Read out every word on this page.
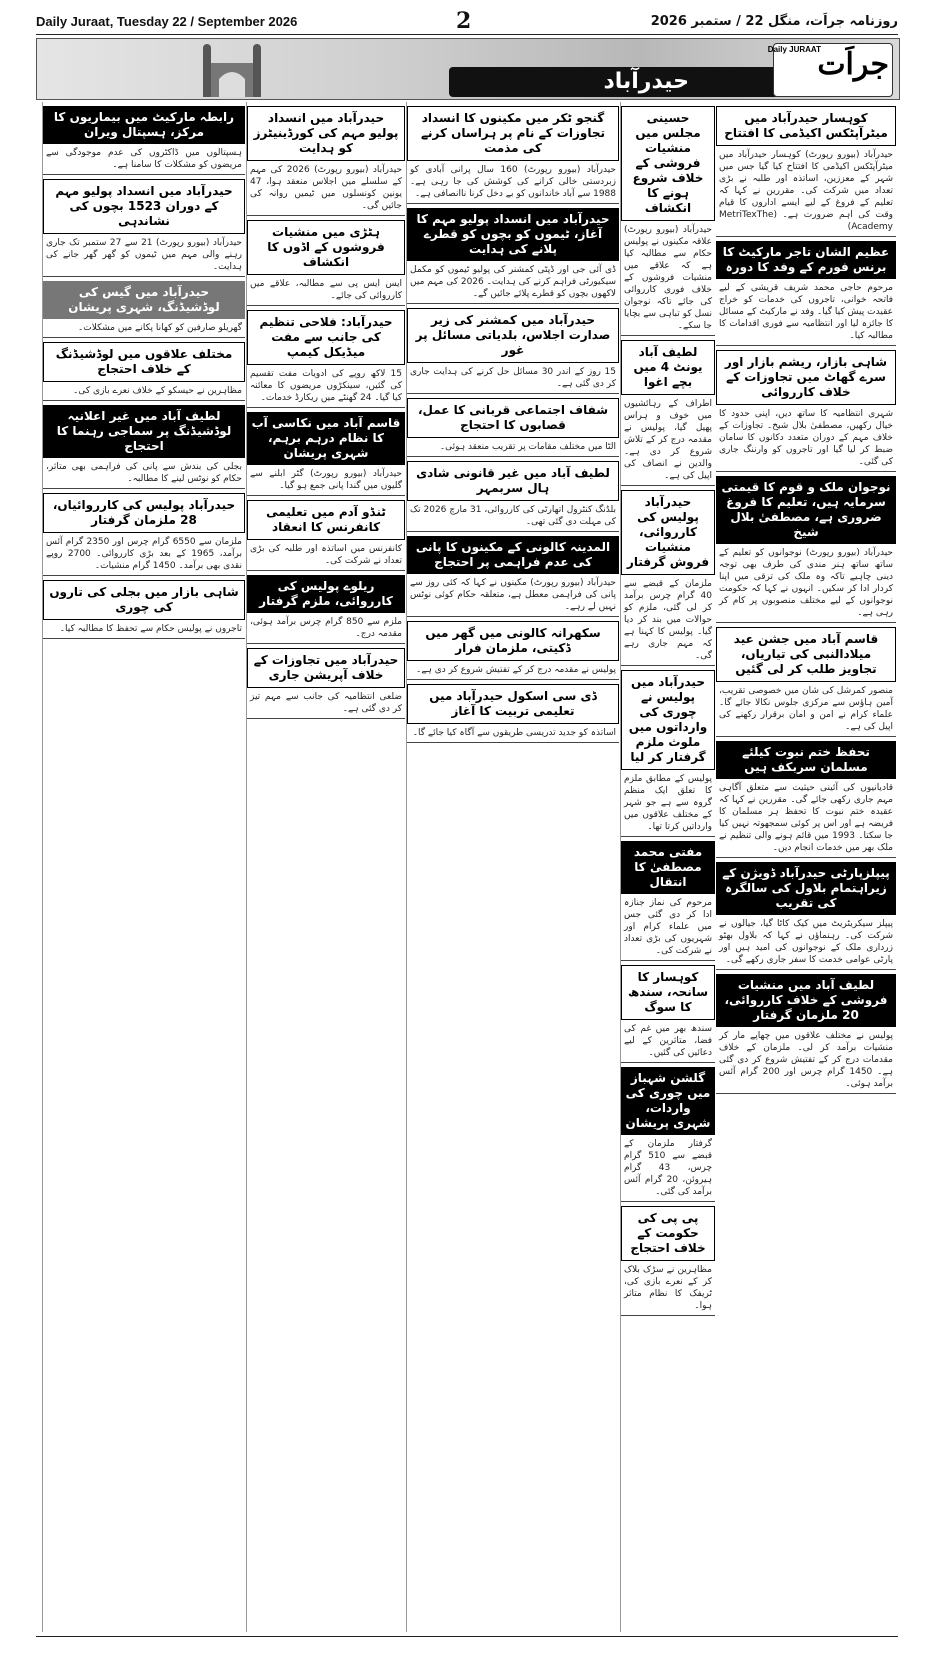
Daily Juraat, Tuesday 22 / September 2026	2	روزنامہ جراَت، منگل 22 / ستمبر 2026
حیدرآباد	جراَت
Daily JURAAT
کوہسار حیدرآباد میں میٹرآپٹکس اکیڈمی کا افتتاح
حیدرآباد (بیورو رپورٹ) کوہسار حیدرآباد میں میٹرآپٹکس اکیڈمی کا افتتاح کیا گیا جس میں شہر کے معززین، اساتذہ اور طلبہ نے بڑی تعداد میں شرکت کی۔ مقررین نے کہا کہ تعلیم کے فروغ کے لیے ایسے اداروں کا قیام وقت کی اہم ضرورت ہے۔ MetriTexThe) Academy)
عظیم الشان تاجر مارکیٹ کا برنس فورم کے وفد کا دورہ
مرحوم حاجی محمد شریف قریشی کے لیے فاتحہ خوانی، تاجروں کی خدمات کو خراج عقیدت پیش کیا گیا۔ وفد نے مارکیٹ کے مسائل کا جائزہ لیا اور انتظامیہ سے فوری اقدامات کا مطالبہ کیا۔
شاہی بازار، ریشم بازار اور سرے گھاٹ میں تجاوزات کے خلاف کارروائی
شہری انتظامیہ کا ساتھ دیں، اپنی حدود کا خیال رکھیں، مصطفیٰ بلال شیخ۔ تجاوزات کے خلاف مہم کے دوران متعدد دکانوں کا سامان ضبط کر لیا گیا اور تاجروں کو وارننگ جاری کی گئی۔
نوجوان ملک و قوم کا قیمتی سرمایہ ہیں، تعلیم کا فروغ ضروری ہے، مصطفیٰ بلال شیخ
حیدرآباد (بیورو رپورٹ) نوجوانوں کو تعلیم کے ساتھ ساتھ ہنر مندی کی طرف بھی توجہ دینی چاہیے تاکہ وہ ملک کی ترقی میں اپنا کردار ادا کر سکیں۔ انہوں نے کہا کہ حکومت نوجوانوں کے لیے مختلف منصوبوں پر کام کر رہی ہے۔
قاسم آباد میں جشن عید میلادالنبی کی تیاریاں، تجاویز طلب کر لی گئیں
منصور کمرشل کی شان میں خصوصی تقریب، آمین ہاؤس سے مرکزی جلوس نکالا جائے گا۔ علماء کرام نے امن و امان برقرار رکھنے کی اپیل کی ہے۔
تحفظ ختم نبوت کیلئے مسلمان سربکف ہیں
قادیانیوں کی آئینی حیثیت سے متعلق آگاہی مہم جاری رکھی جائے گی۔ مقررین نے کہا کہ عقیدہ ختم نبوت کا تحفظ ہر مسلمان کا فریضہ ہے اور اس پر کوئی سمجھوتہ نہیں کیا جا سکتا۔ 1993 میں قائم ہونے والی تنظیم نے ملک بھر میں خدمات انجام دیں۔
پیپلزپارٹی حیدرآباد ڈویژن کے زیراہتمام بلاول کی سالگرہ کی تقریب
پیپلز سیکریٹریٹ میں کیک کاٹا گیا، جیالوں نے شرکت کی۔ رہنماؤں نے کہا کہ بلاول بھٹو زرداری ملک کے نوجوانوں کی امید ہیں اور پارٹی عوامی خدمت کا سفر جاری رکھے گی۔
لطیف آباد میں منشیات فروشی کے خلاف کارروائی، 20 ملزمان گرفتار
پولیس نے مختلف علاقوں میں چھاپے مار کر منشیات برآمد کر لی۔ ملزمان کے خلاف مقدمات درج کر کے تفتیش شروع کر دی گئی ہے۔ 1450 گرام چرس اور 200 گرام آئس برآمد ہوئی۔
حسینی مجلس میں منشیات فروشی کے خلاف شروع ہونے کا انکشاف
حیدرآباد (بیورو رپورٹ) علاقہ مکینوں نے پولیس حکام سے مطالبہ کیا ہے کہ علاقے میں منشیات فروشوں کے خلاف فوری کارروائی کی جائے تاکہ نوجوان نسل کو تباہی سے بچایا جا سکے۔
لطیف آباد یونٹ 4 میں بچے اغوا
اطراف کے رہائشیوں میں خوف و ہراس پھیل گیا، پولیس نے مقدمہ درج کر کے تلاش شروع کر دی ہے۔ والدین نے انصاف کی اپیل کی ہے۔
حیدرآباد پولیس کی کارروائی، منشیات فروش گرفتار
ملزمان کے قبضے سے 40 گرام چرس برآمد کر لی گئی، ملزم کو حوالات میں بند کر دیا گیا۔ پولیس کا کہنا ہے کہ مہم جاری رہے گی۔
حیدرآباد میں پولیس نے چوری کی وارداتوں میں ملوث ملزم گرفتار کر لیا
پولیس کے مطابق ملزم کا تعلق ایک منظم گروہ سے ہے جو شہر کے مختلف علاقوں میں وارداتیں کرتا تھا۔
مفتی محمد مصطفیٰ کا انتقال
مرحوم کی نماز جنازہ ادا کر دی گئی جس میں علماء کرام اور شہریوں کی بڑی تعداد نے شرکت کی۔
کوہسار کا سانحہ، سندھ کا سوگ
سندھ بھر میں غم کی فضا، متاثرین کے لیے دعائیں کی گئیں۔
گلشن شہباز میں چوری کی واردات، شہری پریشان
گرفتار ملزمان کے قبضے سے 510 گرام چرس، 43 گرام ہیروئن، 20 گرام آئس برآمد کی گئی۔
پی پی کی حکومت کے خلاف احتجاج
مظاہرین نے سڑک بلاک کر کے نعرے بازی کی، ٹریفک کا نظام متاثر ہوا۔
گنجو ٹکر میں مکینوں کا انسداد تجاوزات کے نام پر ہراساں کرنے کی مذمت
حیدرآباد (بیورو رپورٹ) 160 سال پرانی آبادی کو زبردستی خالی کرانے کی کوشش کی جا رہی ہے۔ 1988 سے آباد خاندانوں کو بے دخل کرنا ناانصافی ہے۔
حیدرآباد میں انسداد پولیو مہم کا آغاز، ٹیموں کو بچوں کو قطرے پلانے کی ہدایت
ڈی آئی جی اور ڈپٹی کمشنر کی پولیو ٹیموں کو مکمل سیکیورٹی فراہم کرنے کی ہدایت۔ 2026 کی مہم میں لاکھوں بچوں کو قطرے پلائے جائیں گے۔
حیدرآباد میں کمشنر کی زیر صدارت اجلاس، بلدیاتی مسائل پر غور
15 روز کے اندر 30 مسائل حل کرنے کی ہدایت جاری کر دی گئی ہے۔
شفاف اجتماعی قربانی کا عمل، قصابوں کا احتجاج
الٹا میں مختلف مقامات پر تقریب منعقد ہوئی۔
لطیف آباد میں غیر قانونی شادی ہال سربمہر
بلڈنگ کنٹرول اتھارٹی کی کارروائی، 31 مارچ 2026 تک کی مہلت دی گئی تھی۔
المدینہ کالونی کے مکینوں کا پانی کی عدم فراہمی پر احتجاج
حیدرآباد (بیورو رپورٹ) مکینوں نے کہا کہ کئی روز سے پانی کی فراہمی معطل ہے، متعلقہ حکام کوئی نوٹس نہیں لے رہے۔
سکھرانہ کالونی میں گھر میں ڈکیتی، ملزمان فرار
پولیس نے مقدمہ درج کر کے تفتیش شروع کر دی ہے۔
ڈی سی اسکول حیدرآباد میں تعلیمی تربیت کا آغاز
اساتذہ کو جدید تدریسی طریقوں سے آگاہ کیا جائے گا۔
حیدرآباد میں انسداد پولیو مہم کی کورڈینیٹرز کو ہدایت
حیدرآباد (بیورو رپورٹ) 2026 کی مہم کے سلسلے میں اجلاس منعقد ہوا، 47 یونین کونسلوں میں ٹیمیں روانہ کی جائیں گی۔
ہٹڑی میں منشیات فروشوں کے اڈوں کا انکشاف
ایس ایس پی سے مطالبہ، علاقے میں کارروائی کی جائے۔
حیدرآباد: فلاحی تنظیم کی جانب سے مفت میڈیکل کیمپ
15 لاکھ روپے کی ادویات مفت تقسیم کی گئیں، سینکڑوں مریضوں کا معائنہ کیا گیا۔ 24 گھنٹے میں ریکارڈ خدمات۔
قاسم آباد میں نکاسی آب کا نظام درہم برہم، شہری پریشان
حیدرآباد (بیورو رپورٹ) گٹر ابلنے سے گلیوں میں گندا پانی جمع ہو گیا۔
ٹنڈو آدم میں تعلیمی کانفرنس کا انعقاد
کانفرنس میں اساتذہ اور طلبہ کی بڑی تعداد نے شرکت کی۔
ریلوے پولیس کی کارروائی، ملزم گرفتار
ملزم سے 850 گرام چرس برآمد ہوئی، مقدمہ درج۔
حیدرآباد میں تجاوزات کے خلاف آپریشن جاری
ضلعی انتظامیہ کی جانب سے مہم تیز کر دی گئی ہے۔
رابطہ مارکیٹ میں بیماریوں کا مرکز، ہسپتال ویران
ہسپتالوں میں ڈاکٹروں کی عدم موجودگی سے مریضوں کو مشکلات کا سامنا ہے۔
حیدرآباد میں انسداد پولیو مہم کے دوران 1523 بچوں کی نشاندہی
حیدرآباد (بیورو رپورٹ) 21 سے 27 ستمبر تک جاری رہنے والی مہم میں ٹیموں کو گھر گھر جانے کی ہدایت۔
حیدرآباد میں گیس کی لوڈشیڈنگ، شہری پریشان
گھریلو صارفین کو کھانا پکانے میں مشکلات۔
مختلف علاقوں میں لوڈشیڈنگ کے خلاف احتجاج
مظاہرین نے حیسکو کے خلاف نعرے بازی کی۔
لطیف آباد میں غیر اعلانیہ لوڈشیڈنگ پر سماجی رہنما کا احتجاج
بجلی کی بندش سے پانی کی فراہمی بھی متاثر، حکام کو نوٹس لینے کا مطالبہ۔
حیدرآباد پولیس کی کارروائیاں، 28 ملزمان گرفتار
ملزمان سے 6550 گرام چرس اور 2350 گرام آئس برآمد، 1965 کے بعد بڑی کارروائی۔ 2700 روپے نقدی بھی برآمد۔ 1450 گرام منشیات۔
شاہی بازار میں بجلی کی تاروں کی چوری
تاجروں نے پولیس حکام سے تحفظ کا مطالبہ کیا۔
